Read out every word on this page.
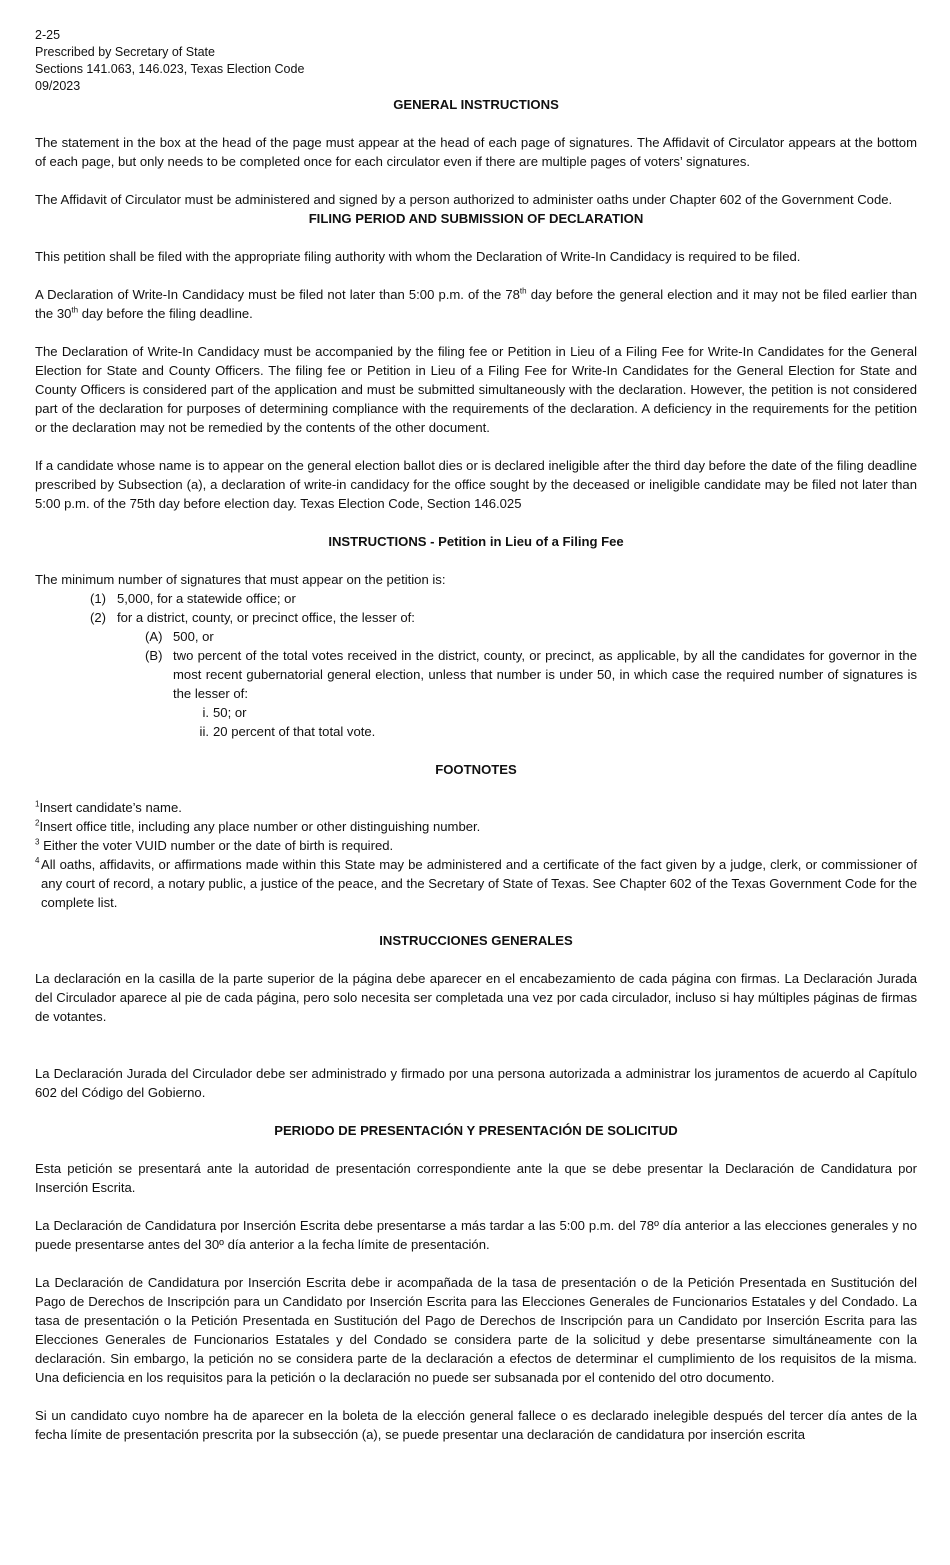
2-25

Prescribed by Secretary of State

Sections 141.063, 146.023, Texas Election Code

09/2023

GENERAL INSTRUCTIONS

The statement in the box at the head of the page must appear at the head of each page of signatures. The Affidavit of Circulator appears at the bottom of each page, but only needs to be completed once for each circulator even if there are multiple pages of voters’ signatures.

The Affidavit of Circulator must be administered and signed by a person authorized to administer oaths under Chapter 602 of the Government Code.

FILING PERIOD AND SUBMISSION OF DECLARATION

This petition shall be filed with the appropriate filing authority with whom the Declaration of Write-In Candidacy is required to be filed.

A Declaration of Write-In Candidacy must be filed not later than 5:00 p.m. of the 78th day before the general election and it may not be filed earlier than the 30th day before the filing deadline.

The Declaration of Write-In Candidacy must be accompanied by the filing fee or Petition in Lieu of a Filing Fee for Write-In Candidates for the General Election for State and County Officers. The filing fee or Petition in Lieu of a Filing Fee for Write-In Candidates for the General Election for State and County Officers is considered part of the application and must be submitted simultaneously with the declaration. However, the petition is not considered part of the declaration for purposes of determining compliance with the requirements of the declaration. A deficiency in the requirements for the petition or the declaration may not be remedied by the contents of the other document.

If a candidate whose name is to appear on the general election ballot dies or is declared ineligible after the third day before the date of the filing deadline prescribed by Subsection (a), a declaration of write-in candidacy for the office sought by the deceased or ineligible candidate may be filed not later than 5:00 p.m. of the 75th day before election day. Texas Election Code, Section 146.025

INSTRUCTIONS - Petition in Lieu of a Filing Fee

The minimum number of signatures that must appear on the petition is:

(1) 5,000, for a statewide office; or
(2) for a district, county, or precinct office, the lesser of:
(A) 500, or
(B) two percent of the total votes received in the district, county, or precinct, as applicable, by all the candidates for governor in the most recent gubernatorial general election, unless that number is under 50, in which case the required number of signatures is the lesser of:
i. 50; or
ii. 20 percent of that total vote.

FOOTNOTES

$^1$Insert candidate’s name.
$^2$Insert office title, including any place number or other distinguishing number.
$^3$ Either the voter VUID number or the date of birth is required.
4 All oaths, affidavits, or affirmations made within this State may be administered and a certificate of the fact given by a judge, clerk, or commissioner of any court of record, a notary public, a justice of the peace, and the Secretary of State of Texas. See Chapter 602 of the Texas Government Code for the complete list.

INSTRUCCIONES GENERALES

La declaración en la casilla de la parte superior de la página debe aparecer en el encabezamiento de cada página con firmas. La Declaración Jurada del Circulador aparece al pie de cada página, pero solo necesita ser completada una vez por cada circulador, incluso si hay múltiples páginas de firmas de votantes.

La Declaración Jurada del Circulador debe ser administrado y firmado por una persona autorizada a administrar los juramentos de acuerdo al Capítulo 602 del Código del Gobierno.

PERIODO DE PRESENTACIÓN Y PRESENTACIÓN DE SOLICITUD

Esta petición se presentará ante la autoridad de presentación correspondiente ante la que se debe presentar la Declaración de Candidatura por Inserción Escrita.

La Declaración de Candidatura por Inserción Escrita debe presentarse a más tardar a las 5:00 p.m. del 78º día anterior a las elecciones generales y no puede presentarse antes del 30º día anterior a la fecha límite de presentación.

La Declaración de Candidatura por Inserción Escrita debe ir acompañada de la tasa de presentación o de la Petición Presentada en Sustitución del Pago de Derechos de Inscripción para un Candidato por Inserción Escrita para las Elecciones Generales de Funcionarios Estatales y del Condado. La tasa de presentación o la Petición Presentada en Sustitución del Pago de Derechos de Inscripción para un Candidato por Inserción Escrita para las Elecciones Generales de Funcionarios Estatales y del Condado se considera parte de la solicitud y debe presentarse simultáneamente con la declaración. Sin embargo, la petición no se considera parte de la declaración a efectos de determinar el cumplimiento de los requisitos de la misma. Una deficiencia en los requisitos para la petición o la declaración no puede ser subsanada por el contenido del otro documento.

Si un candidato cuyo nombre ha de aparecer en la boleta de la elección general fallece o es declarado inelegible después del tercer día antes de la fecha límite de presentación prescrita por la subsección (a), se puede presentar una declaración de candidatura por inserción escrita
